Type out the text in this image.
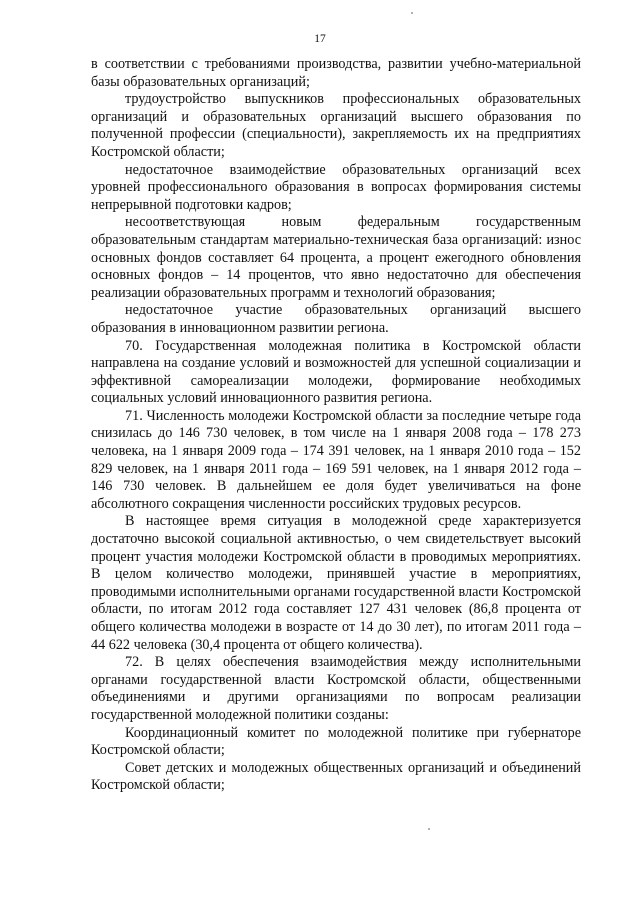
17

в соответствии с требованиями производства, развитии учебно-материальной базы образовательных организаций;

трудоустройство выпускников профессиональных образовательных организаций и образовательных организаций высшего образования по полученной профессии (специальности), закрепляемость их на предприятиях Костромской области;

недостаточное взаимодействие образовательных организаций всех уровней профессионального образования в вопросах формирования системы непрерывной подготовки кадров;

несоответствующая новым федеральным государственным образовательным стандартам материально-техническая база организаций: износ основных фондов составляет 64 процента, а процент ежегодного обновления основных фондов – 14 процентов, что явно недостаточно для обеспечения реализации образовательных программ и технологий образования;

недостаточное участие образовательных организаций высшего образования в инновационном развитии региона.

70. Государственная молодежная политика в Костромской области направлена на создание условий и возможностей для успешной социализации и эффективной самореализации молодежи, формирование необходимых социальных условий инновационного развития региона.

71. Численность молодежи Костромской области за последние четыре года снизилась до 146 730 человек, в том числе на 1 января 2008 года – 178 273 человека, на 1 января 2009 года – 174 391 человек, на 1 января 2010 года – 152 829 человек, на 1 января 2011 года – 169 591 человек, на 1 января 2012 года – 146 730 человек. В дальнейшем ее доля будет увеличиваться на фоне абсолютного сокращения численности российских трудовых ресурсов.

В настоящее время ситуация в молодежной среде характеризуется достаточно высокой социальной активностью, о чем свидетельствует высокий процент участия молодежи Костромской области в проводимых мероприятиях. В целом количество молодежи, принявшей участие в мероприятиях, проводимыми исполнительными органами государственной власти Костромской области, по итогам 2012 года составляет 127 431 человек (86,8 процента от общего количества молодежи в возрасте от 14 до 30 лет), по итогам 2011 года – 44 622 человека (30,4 процента от общего количества).

72. В целях обеспечения взаимодействия между исполнительными органами государственной власти Костромской области, общественными объединениями и другими организациями по вопросам реализации государственной молодежной политики созданы:

Координационный комитет по молодежной политике при губернаторе Костромской области;

Совет детских и молодежных общественных организаций и объединений Костромской области;
